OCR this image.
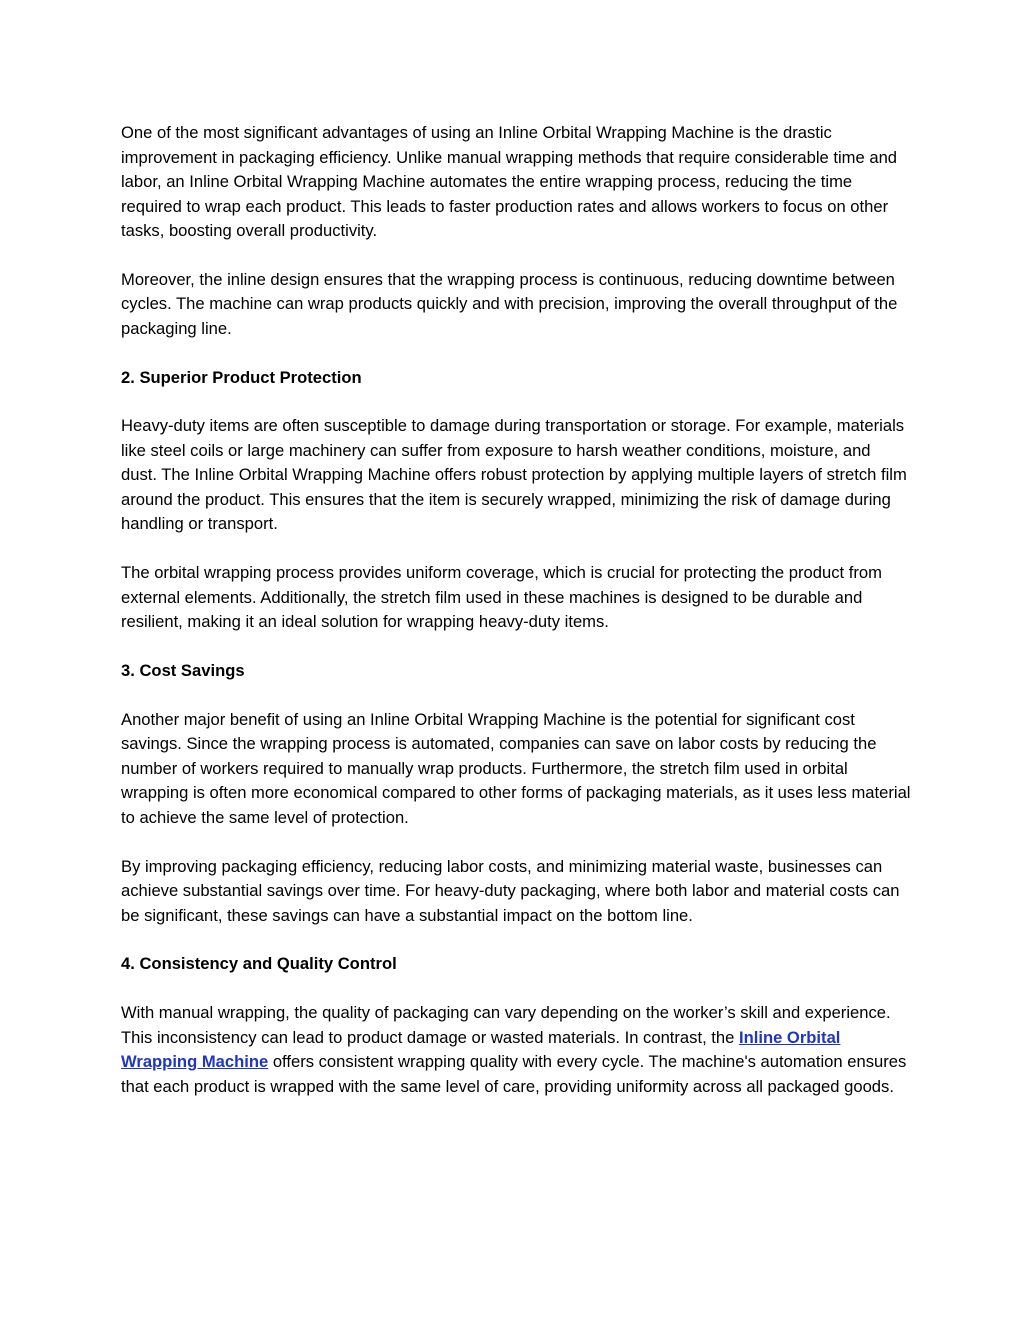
One of the most significant advantages of using an Inline Orbital Wrapping Machine is the drastic improvement in packaging efficiency. Unlike manual wrapping methods that require considerable time and labor, an Inline Orbital Wrapping Machine automates the entire wrapping process, reducing the time required to wrap each product. This leads to faster production rates and allows workers to focus on other tasks, boosting overall productivity.

Moreover, the inline design ensures that the wrapping process is continuous, reducing downtime between cycles. The machine can wrap products quickly and with precision, improving the overall throughput of the packaging line.

2. Superior Product Protection

Heavy-duty items are often susceptible to damage during transportation or storage. For example, materials like steel coils or large machinery can suffer from exposure to harsh weather conditions, moisture, and dust. The Inline Orbital Wrapping Machine offers robust protection by applying multiple layers of stretch film around the product. This ensures that the item is securely wrapped, minimizing the risk of damage during handling or transport.

The orbital wrapping process provides uniform coverage, which is crucial for protecting the product from external elements. Additionally, the stretch film used in these machines is designed to be durable and resilient, making it an ideal solution for wrapping heavy-duty items.

3. Cost Savings

Another major benefit of using an Inline Orbital Wrapping Machine is the potential for significant cost savings. Since the wrapping process is automated, companies can save on labor costs by reducing the number of workers required to manually wrap products. Furthermore, the stretch film used in orbital wrapping is often more economical compared to other forms of packaging materials, as it uses less material to achieve the same level of protection.

By improving packaging efficiency, reducing labor costs, and minimizing material waste, businesses can achieve substantial savings over time. For heavy-duty packaging, where both labor and material costs can be significant, these savings can have a substantial impact on the bottom line.

4. Consistency and Quality Control

With manual wrapping, the quality of packaging can vary depending on the worker’s skill and experience. This inconsistency can lead to product damage or wasted materials. In contrast, the Inline Orbital Wrapping Machine offers consistent wrapping quality with every cycle. The machine's automation ensures that each product is wrapped with the same level of care, providing uniformity across all packaged goods.
